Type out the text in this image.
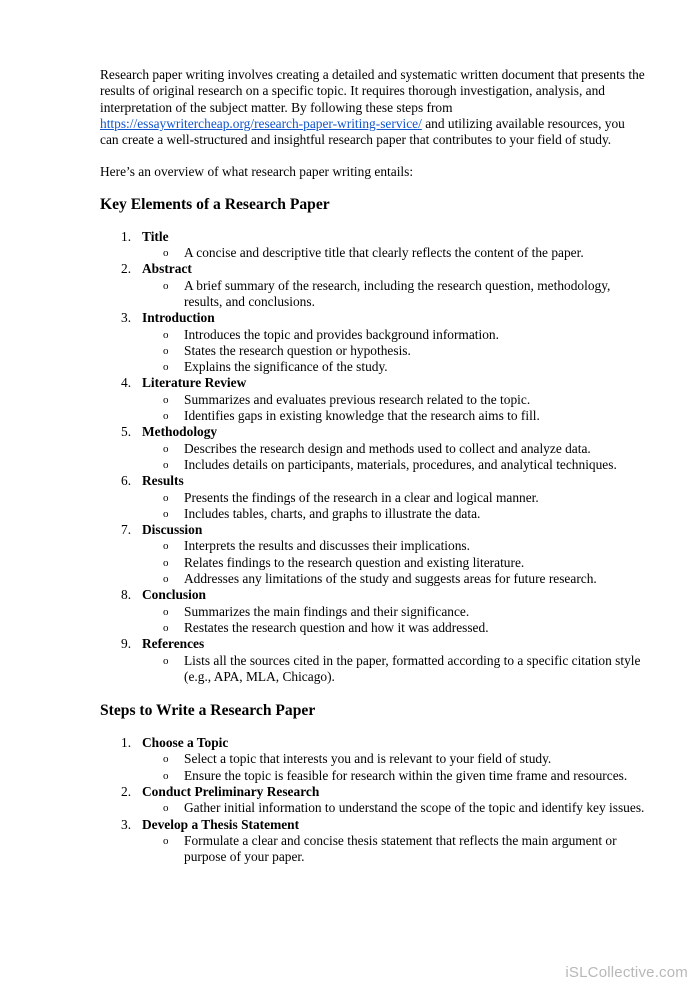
Research paper writing involves creating a detailed and systematic written document that presents the results of original research on a specific topic. It requires thorough investigation, analysis, and interpretation of the subject matter. By following these steps from https://essaywritercheap.org/research-paper-writing-service/ and utilizing available resources, you can create a well-structured and insightful research paper that contributes to your field of study.

Here’s an overview of what research paper writing entails:

Key Elements of a Research Paper
1. Title
o A concise and descriptive title that clearly reflects the content of the paper.
2. Abstract
o A brief summary of the research, including the research question, methodology, results, and conclusions.
3. Introduction
o Introduces the topic and provides background information.
o States the research question or hypothesis.
o Explains the significance of the study.
4. Literature Review
o Summarizes and evaluates previous research related to the topic.
o Identifies gaps in existing knowledge that the research aims to fill.
5. Methodology
o Describes the research design and methods used to collect and analyze data.
o Includes details on participants, materials, procedures, and analytical techniques.
6. Results
o Presents the findings of the research in a clear and logical manner.
o Includes tables, charts, and graphs to illustrate the data.
7. Discussion
o Interprets the results and discusses their implications.
o Relates findings to the research question and existing literature.
o Addresses any limitations of the study and suggests areas for future research.
8. Conclusion
o Summarizes the main findings and their significance.
o Restates the research question and how it was addressed.
9. References
o Lists all the sources cited in the paper, formatted according to a specific citation style (e.g., APA, MLA, Chicago).
Steps to Write a Research Paper
1. Choose a Topic
o Select a topic that interests you and is relevant to your field of study.
o Ensure the topic is feasible for research within the given time frame and resources.
2. Conduct Preliminary Research
o Gather initial information to understand the scope of the topic and identify key issues.
3. Develop a Thesis Statement
o Formulate a clear and concise thesis statement that reflects the main argument or purpose of your paper.
iSLCollective.com
